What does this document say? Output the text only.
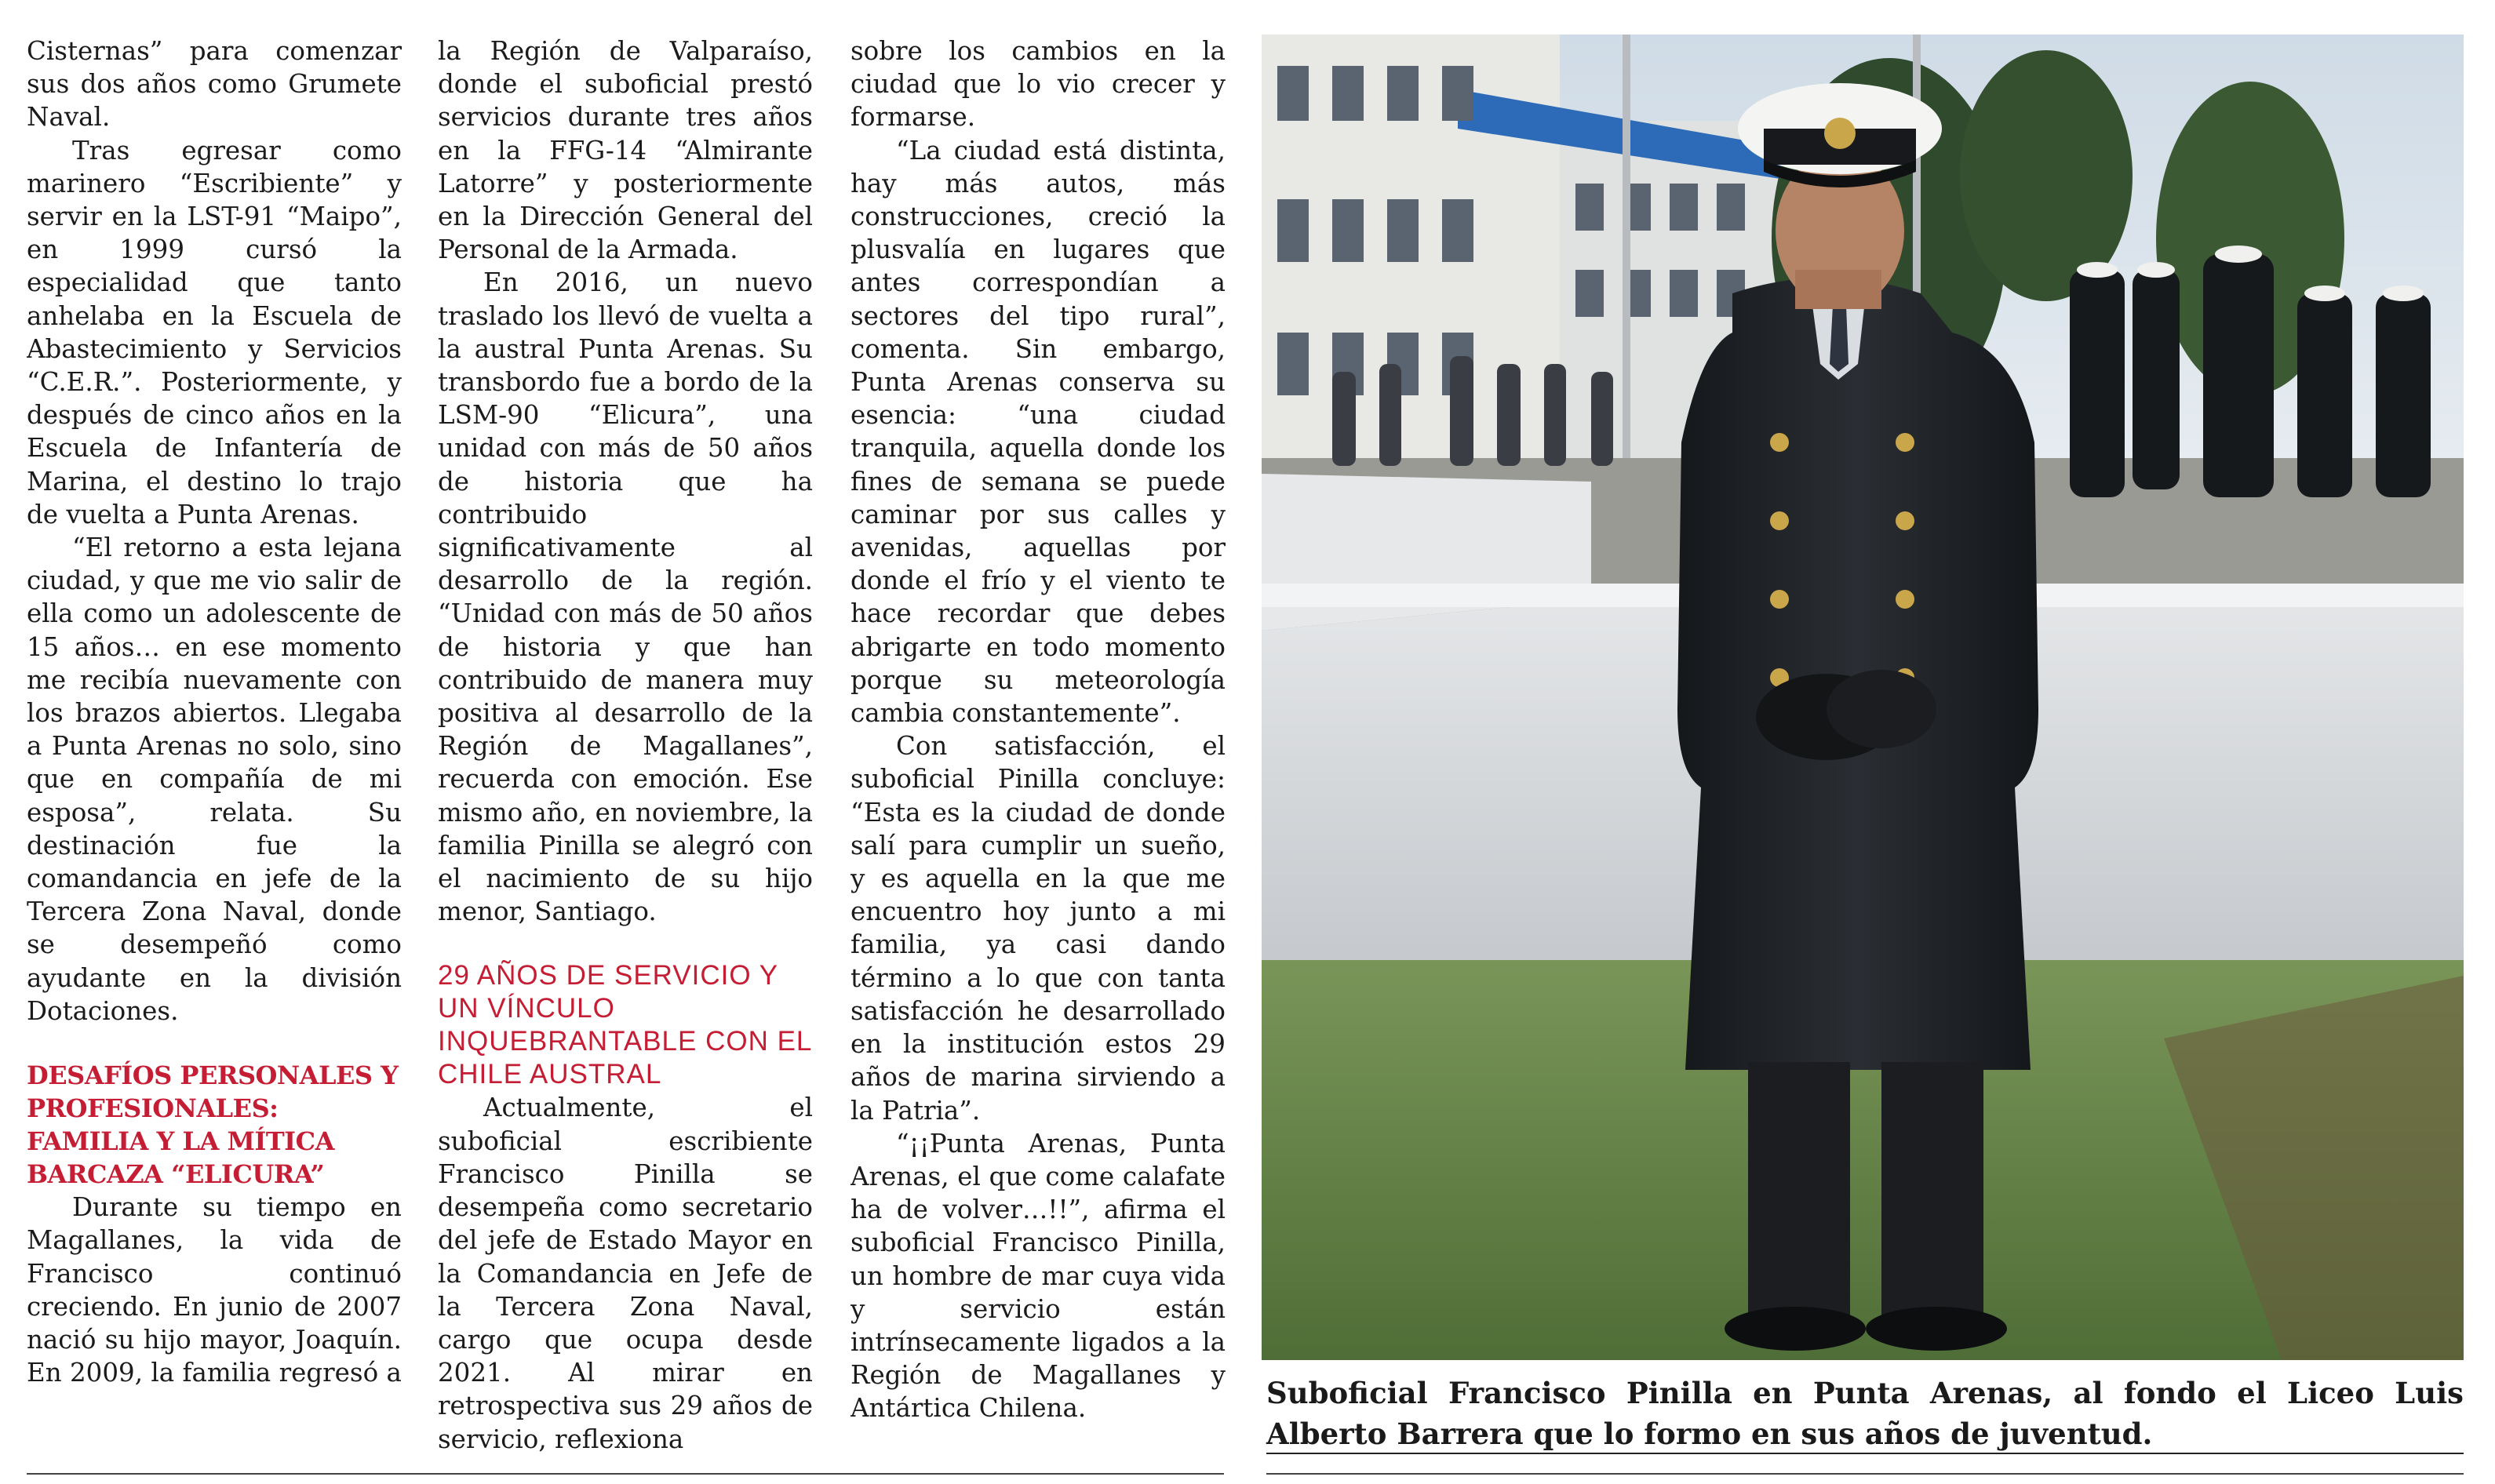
Cisternas” para comenzar sus dos años como Grumete Naval.

Tras egresar como marinero “Escribiente” y servir en la LST-91 “Maipo”, en 1999 cursó la especialidad que tanto anhelaba en la Escuela de Abastecimiento y Servicios “C.E.R.”. Posteriormente, y después de cinco años en la Escuela de Infantería de Marina, el destino lo trajo de vuelta a Punta Arenas.

“El retorno a esta lejana ciudad, y que me vio salir de ella como un adolescente de 15 años… en ese momento me recibía nuevamente con los brazos abiertos. Llegaba a Punta Arenas no solo, sino que en compañía de mi esposa”, relata. Su destinación fue la comandancia en jefe de la Tercera Zona Naval, donde se desempeñó como ayudante en la división Dotaciones.

DESAFÍOS PERSONALES Y PROFESIONALES: FAMILIA Y LA MÍTICA BARCAZA “ELICURA”

Durante su tiempo en Magallanes, la vida de Francisco continuó creciendo. En junio de 2007 nació su hijo mayor, Joaquín. En 2009, la familia regresó a

la Región de Valparaíso, donde el suboficial prestó servicios durante tres años en la FFG-14 “Almirante Latorre” y posteriormente en la Dirección General del Personal de la Armada.

En 2016, un nuevo traslado los llevó de vuelta a la austral Punta Arenas. Su transbordo fue a bordo de la LSM-90 “Elicura”, una unidad con más de 50 años de historia que ha contribuido significativamente al desarrollo de la región. “Unidad con más de 50 años de historia y que han contribuido de manera muy positiva al desarrollo de la Región de Magallanes”, recuerda con emoción. Ese mismo año, en noviembre, la familia Pinilla se alegró con el nacimiento de su hijo menor, Santiago.

29 AÑOS DE SERVICIO Y UN VÍNCULO INQUEBRANTABLE CON EL CHILE AUSTRAL

Actualmente, el suboficial escribiente Francisco Pinilla se desempeña como secretario del jefe de Estado Mayor en la Comandancia en Jefe de la Tercera Zona Naval, cargo que ocupa desde 2021. Al mirar en retrospectiva sus 29 años de servicio, reflexiona

sobre los cambios en la ciudad que lo vio crecer y formarse.

“La ciudad está distinta, hay más autos, más construcciones, creció la plusvalía en lugares que antes correspondían a sectores del tipo rural”, comenta. Sin embargo, Punta Arenas conserva su esencia: “una ciudad tranquila, aquella donde los fines de semana se puede caminar por sus calles y avenidas, aquellas por donde el frío y el viento te hace recordar que debes abrigarte en todo momento porque su meteorología cambia constantemente”.

Con satisfacción, el suboficial Pinilla concluye: “Esta es la ciudad de donde salí para cumplir un sueño, y es aquella en la que me encuentro hoy junto a mi familia, ya casi dando término a lo que con tanta satisfacción he desarrollado en la institución estos 29 años de marina sirviendo a la Patria”.

“¡¡Punta Arenas, Punta Arenas, el que come calafate ha de volver…!!”, afirma el suboficial Francisco Pinilla, un hombre de mar cuya vida y servicio están intrínsecamente ligados a la Región de Magallanes y Antártica Chilena.	Suboficial Francisco Pinilla en Punta Arenas, al fondo el Liceo Luis Alberto Barrera que lo formo en sus años de juventud.
